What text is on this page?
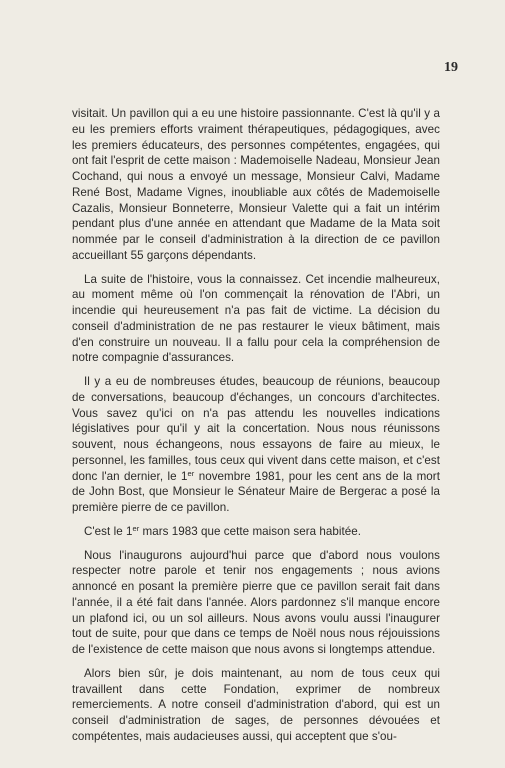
19

visitait. Un pavillon qui a eu une histoire passionnante. C'est là qu'il y a eu les premiers efforts vraiment thérapeutiques, pédagogiques, avec les premiers éducateurs, des personnes compétentes, engagées, qui ont fait l'esprit de cette maison : Mademoiselle Nadeau, Monsieur Jean Cochand, qui nous a envoyé un message, Monsieur Calvi, Madame René Bost, Madame Vignes, inoubliable aux côtés de Mademoiselle Cazalis, Monsieur Bonneterre, Monsieur Valette qui a fait un intérim pendant plus d'une année en attendant que Madame de la Mata soit nommée par le conseil d'administration à la direction de ce pavillon accueillant 55 garçons dépendants.

La suite de l'histoire, vous la connaissez. Cet incendie malheureux, au moment même où l'on commençait la rénovation de l'Abri, un incendie qui heureusement n'a pas fait de victime. La décision du conseil d'administration de ne pas restaurer le vieux bâtiment, mais d'en construire un nouveau. Il a fallu pour cela la compréhension de notre compagnie d'assurances.

Il y a eu de nombreuses études, beaucoup de réunions, beaucoup de conversations, beaucoup d'échanges, un concours d'architectes. Vous savez qu'ici on n'a pas attendu les nouvelles indications législatives pour qu'il y ait la concertation. Nous nous réunissons souvent, nous échangeons, nous essayons de faire au mieux, le personnel, les familles, tous ceux qui vivent dans cette maison, et c'est donc l'an dernier, le 1er novembre 1981, pour les cent ans de la mort de John Bost, que Monsieur le Sénateur Maire de Bergerac a posé la première pierre de ce pavillon.

C'est le 1er mars 1983 que cette maison sera habitée.

Nous l'inaugurons aujourd'hui parce que d'abord nous voulons respecter notre parole et tenir nos engagements ; nous avions annoncé en posant la première pierre que ce pavillon serait fait dans l'année, il a été fait dans l'année. Alors pardonnez s'il manque encore un plafond ici, ou un sol ailleurs. Nous avons voulu aussi l'inaugurer tout de suite, pour que dans ce temps de Noël nous nous réjouissions de l'existence de cette maison que nous avons si longtemps attendue.

Alors bien sûr, je dois maintenant, au nom de tous ceux qui travaillent dans cette Fondation, exprimer de nombreux remerciements. A notre conseil d'administration d'abord, qui est un conseil d'administration de sages, de personnes dévouées et compétentes, mais audacieuses aussi, qui acceptent que s'ou-
